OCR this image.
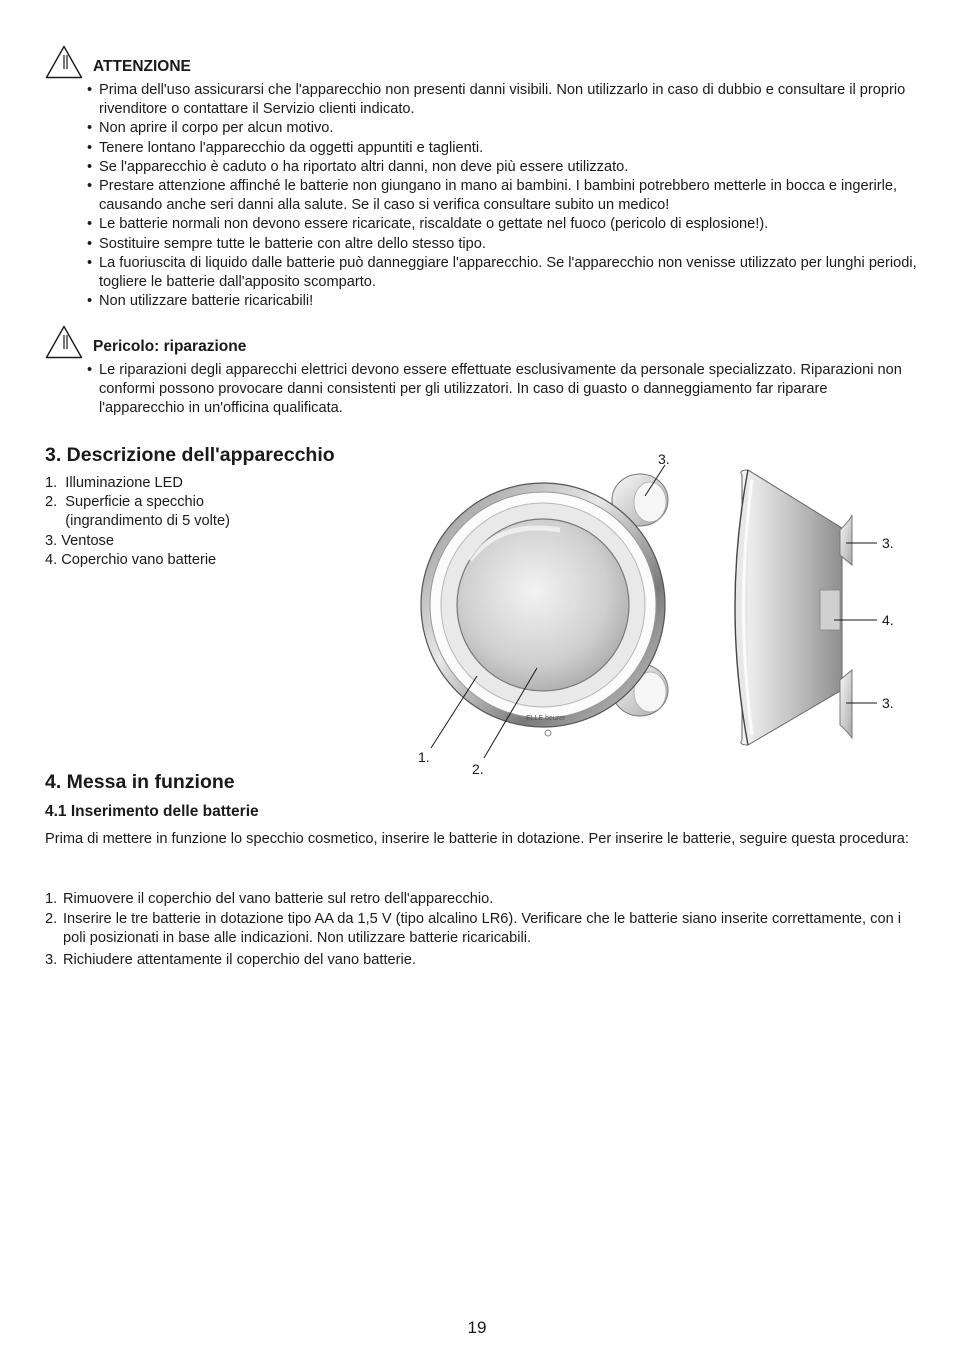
ATTENZIONE
• Prima dell'uso assicurarsi che l'apparecchio non presenti danni visibili. Non utilizzarlo in caso di dubbio e consultare il proprio rivenditore o contattare il Servizio clienti indicato.
• Non aprire il corpo per alcun motivo.
• Tenere lontano l'apparecchio da oggetti appuntiti e taglienti.
• Se l'apparecchio è caduto o ha riportato altri danni, non deve più essere utilizzato.
• Prestare attenzione affinché le batterie non giungano in mano ai bambini. I bambini potrebbero metterle in bocca e ingerirle, causando anche seri danni alla salute. Se il caso si verifica consultare subito un medico!
• Le batterie normali non devono essere ricaricate, riscaldate o gettate nel fuoco (pericolo di esplosione!).
• Sostituire sempre tutte le batterie con altre dello stesso tipo.
• La fuoriuscita di liquido dalle batterie può danneggiare l'apparecchio. Se l'apparecchio non venisse utilizzato per lunghi periodi, togliere le batterie dall'apposito scomparto.
• Non utilizzare batterie ricaricabili!
Pericolo: riparazione
• Le riparazioni degli apparecchi elettrici devono essere effettuate esclusivamente da personale specializzato. Riparazioni non conformi possono provocare danni consistenti per gli utilizzatori. In caso di guasto o danneggiamento far riparare l'apparecchio in un'officina qualificata.
3. Descrizione dell'apparecchio
1.  Illuminazione LED
2.  Superficie a specchio
(ingrandimento di 5 volte)
3. Ventose
4. Coperchio vano batterie
ELLE beurer
1.
2.
3.
3.
4.
3.
4. Messa in funzione
4.1 Inserimento delle batterie
Prima di mettere in funzione lo specchio cosmetico, inserire le batterie in dotazione. Per inserire le batterie, seguire questa procedura:
1. Rimuovere il coperchio del vano batterie sul retro dell'apparecchio.
2. Inserire le tre batterie in dotazione tipo AA da 1,5 V (tipo alcalino LR6). Verificare che le batterie siano inserite correttamente, con i poli posizionati in base alle indicazioni. Non utilizzare batterie ricaricabili.
3. Richiudere attentamente il coperchio del vano batterie.
19
